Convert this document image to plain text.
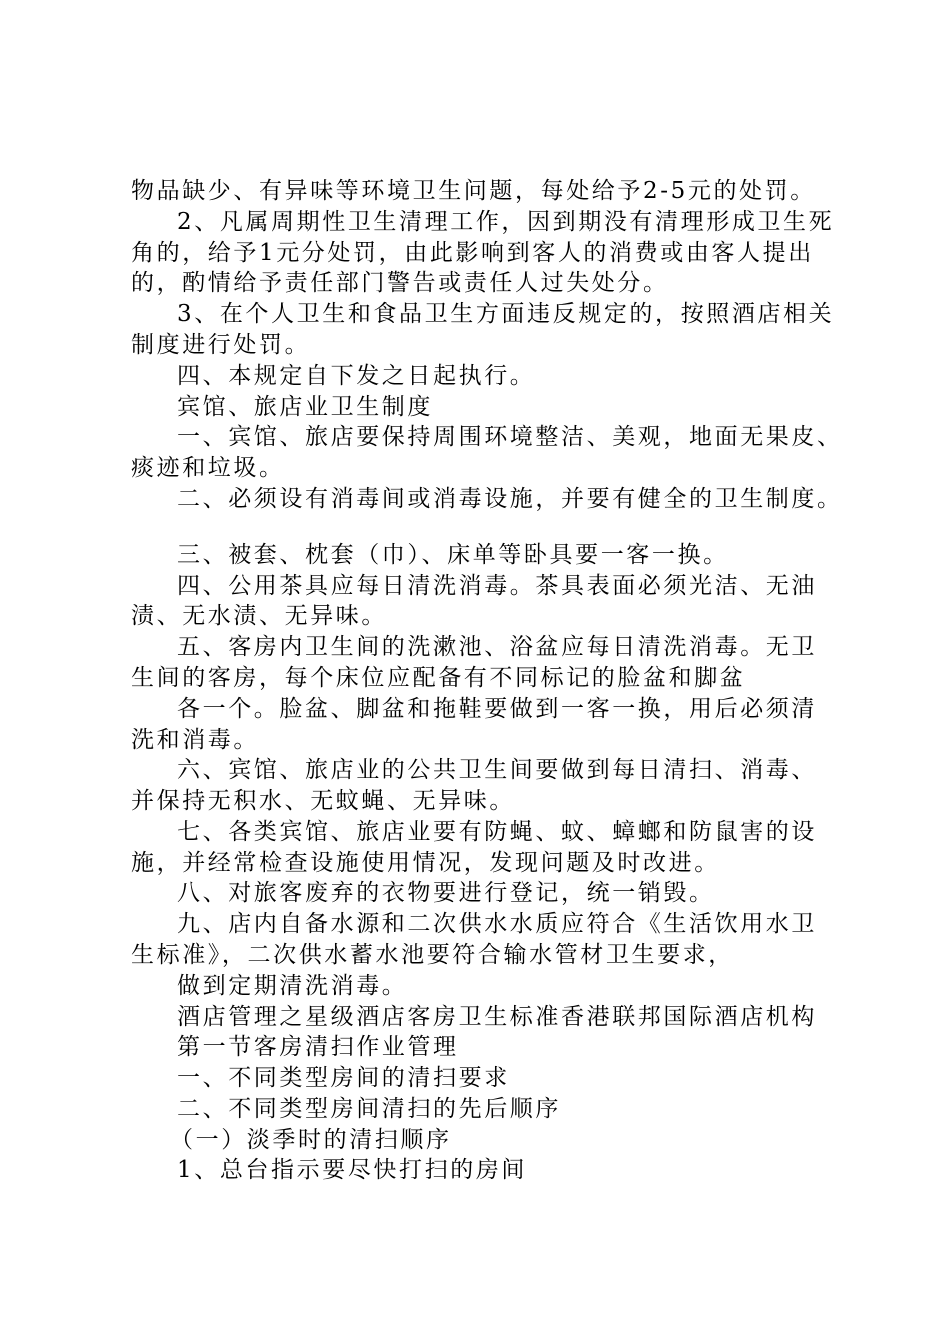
物品缺少、有异味等环境卫生问题，每处给予2-5元的处罚。
2、凡属周期性卫生清理工作，因到期没有清理形成卫生死
角的，给予1元分处罚，由此影响到客人的消费或由客人提出
的，酌情给予责任部门警告或责任人过失处分。
3、在个人卫生和食品卫生方面违反规定的，按照酒店相关
制度进行处罚。
四、本规定自下发之日起执行。
宾馆、旅店业卫生制度
一、宾馆、旅店要保持周围环境整洁、美观，地面无果皮、
痰迹和垃圾。
二、必须设有消毒间或消毒设施，并要有健全的卫生制度。
三、被套、枕套（巾）、床单等卧具要一客一换。
四、公用茶具应每日清洗消毒。茶具表面必须光洁、无油
渍、无水渍、无异味。
五、客房内卫生间的洗漱池、浴盆应每日清洗消毒。无卫
生间的客房，每个床位应配备有不同标记的脸盆和脚盆
各一个。脸盆、脚盆和拖鞋要做到一客一换，用后必须清
洗和消毒。
六、宾馆、旅店业的公共卫生间要做到每日清扫、消毒、
并保持无积水、无蚊蝇、无异味。
七、各类宾馆、旅店业要有防蝇、蚊、蟑螂和防鼠害的设
施，并经常检查设施使用情况，发现问题及时改进。
八、对旅客废弃的衣物要进行登记，统一销毁。
九、店内自备水源和二次供水水质应符合《生活饮用水卫
生标准》，二次供水蓄水池要符合输水管材卫生要求，
做到定期清洗消毒。
酒店管理之星级酒店客房卫生标准香港联邦国际酒店机构
第一节客房清扫作业管理
一、不同类型房间的清扫要求
二、不同类型房间清扫的先后顺序
（一）淡季时的清扫顺序
1、总台指示要尽快打扫的房间
